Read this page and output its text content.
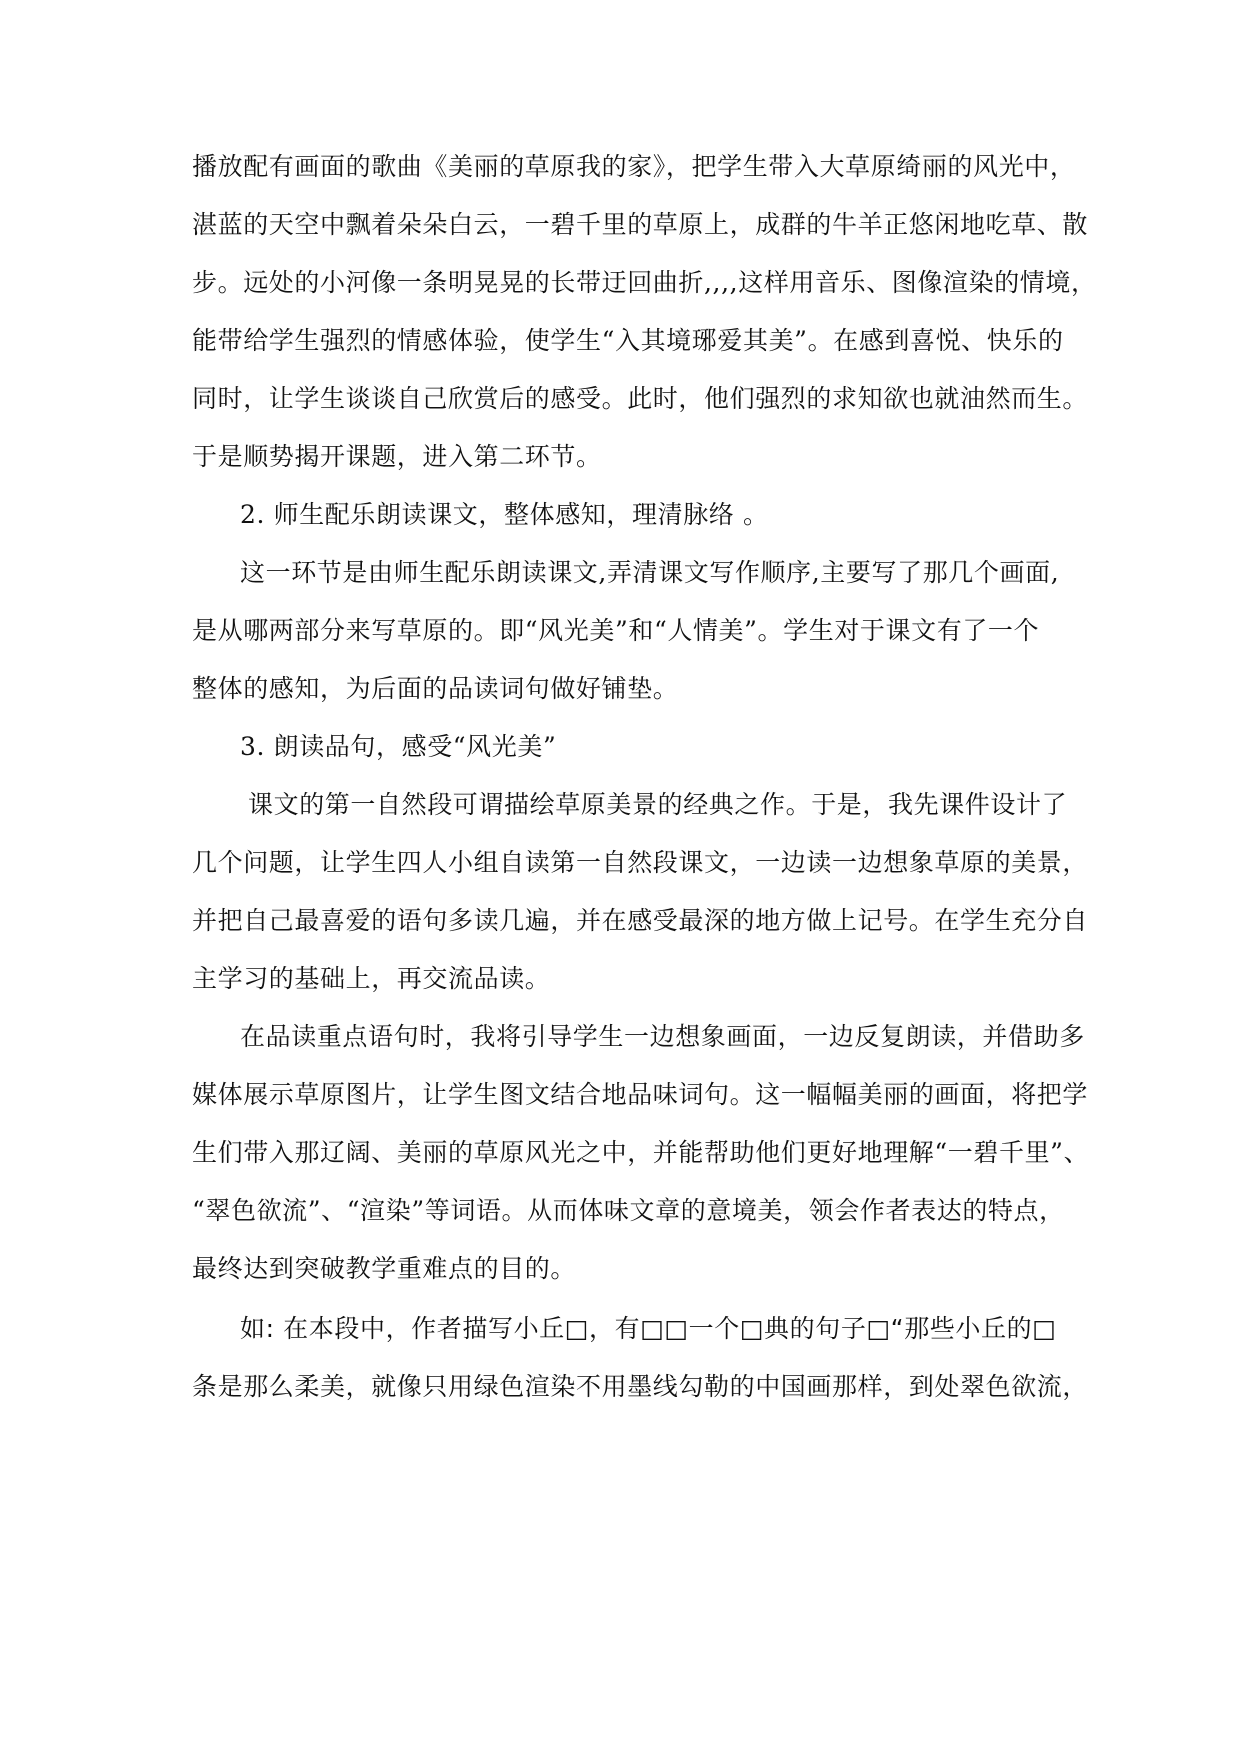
播放配有画面的歌曲《美丽的草原我的家》，把学生带入大草原绮丽的风光中，
湛蓝的天空中飘着朵朵白云，一碧千里的草原上，成群的牛羊正悠闲地吃草、散
步。远处的小河像一条明晃晃的长带迂回曲折,,,,这样用音乐、图像渲染的情境，
能带给学生强烈的情感体验，使学生“入其境琊爱其美”。在感到喜悦、快乐的
同时，让学生谈谈自己欣赏后的感受。此时，他们强烈的求知欲也就油然而生。
于是顺势揭开课题，进入第二环节。
2. 师生配乐朗读课文，整体感知，理清脉络 。
这一环节是由师生配乐朗读课文,弄清课文写作顺序,主要写了那几个画面,
是从哪两部分来写草原的。即“风光美”和“人情美”。学生对于课文有了一个
整体的感知，为后面的品读词句做好铺垫。
3. 朗读品句，感受“风光美”
课文的第一自然段可谓描绘草原美景的经典之作。于是，我先课件设计了
几个问题，让学生四人小组自读第一自然段课文，一边读一边想象草原的美景，
并把自己最喜爱的语句多读几遍，并在感受最深的地方做上记号。在学生充分自
主学习的基础上，再交流品读。
在品读重点语句时，我将引导学生一边想象画面，一边反复朗读，并借助多
媒体展示草原图片，让学生图文结合地品味词句。这一幅幅美丽的画面，将把学
生们带入那辽阔、美丽的草原风光之中，并能帮助他们更好地理解“一碧千里”、
“翠色欲流”、“渲染”等词语。从而体味文章的意境美，领会作者表达的特点，
最终达到突破教学重难点的目的。
如: 在本段中，作者描写小丘□，有□□一个□典的句子□“那些小丘的□
条是那么柔美，就像只用绿色渲染不用墨线勾勒的中国画那样，到处翠色欲流，
